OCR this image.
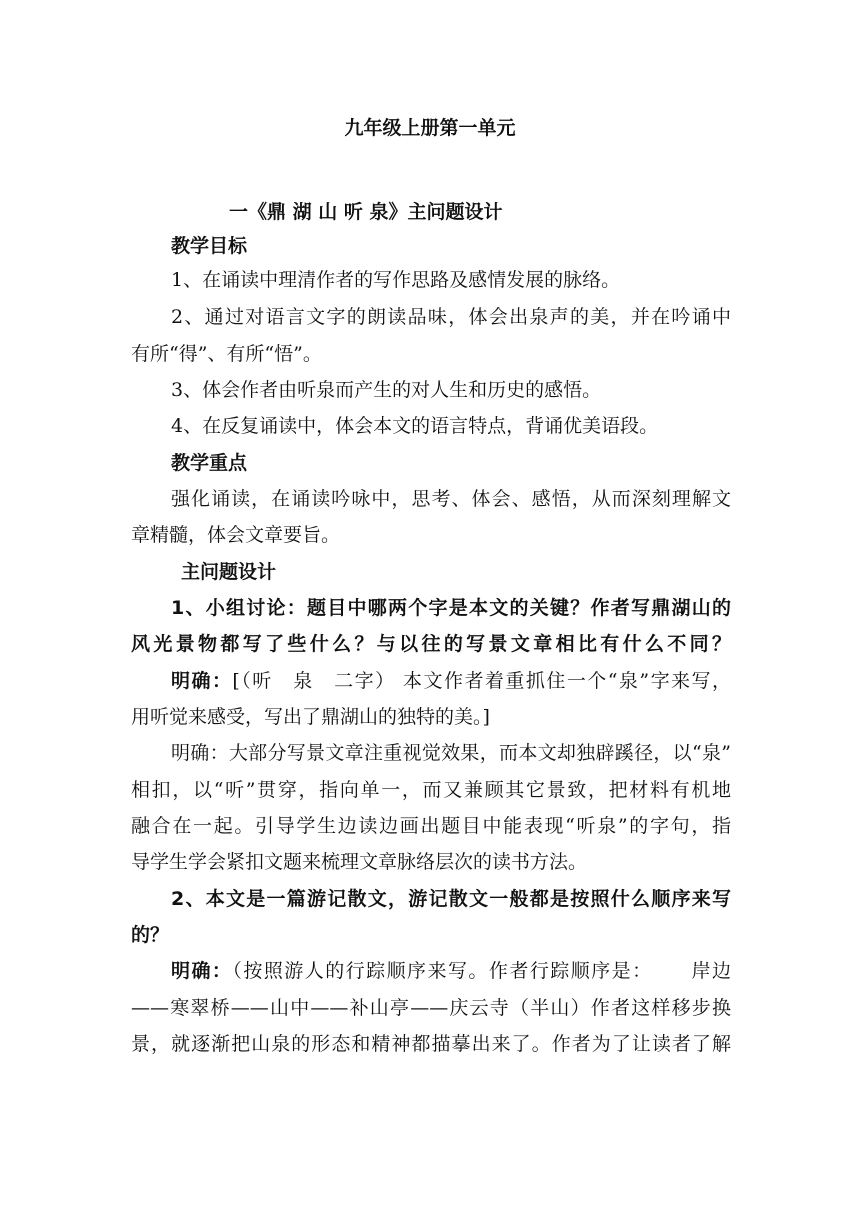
九年级上册第一单元
一《鼎 湖 山 听 泉》主问题设计
教学目标
1、在诵读中理清作者的写作思路及感情发展的脉络。
2、通过对语言文字的朗读品味，体会出泉声的美，并在吟诵中
有所“得”、有所“悟”。
3、体会作者由听泉而产生的对人生和历史的感悟。
4、在反复诵读中，体会本文的语言特点，背诵优美语段。
教学重点
强化诵读，在诵读吟咏中，思考、体会、感悟，从而深刻理解文
章精髓，体会文章要旨。
主问题设计
1、小组讨论：题目中哪两个字是本文的关键？作者写鼎湖山的
风光景物都写了些什么？与以往的写景文章相比有什么不同？
明确：[（听　泉　二字） 本文作者着重抓住一个“泉”字来写，
用听觉来感受，写出了鼎湖山的独特的美。]
明确：大部分写景文章注重视觉效果，而本文却独辟蹊径，以“泉”
相扣，以“听”贯穿，指向单一，而又兼顾其它景致，把材料有机地
融合在一起。引导学生边读边画出题目中能表现“听泉”的字句，指
导学生学会紧扣文题来梳理文章脉络层次的读书方法。
2、本文是一篇游记散文，游记散文一般都是按照什么顺序来写
的？
明确：（按照游人的行踪顺序来写。作者行踪顺序是：　　 岸边
——寒翠桥——山中——补山亭——庆云寺（半山）作者这样移步换
景，就逐渐把山泉的形态和精神都描摹出来了。作者为了让读者了解
